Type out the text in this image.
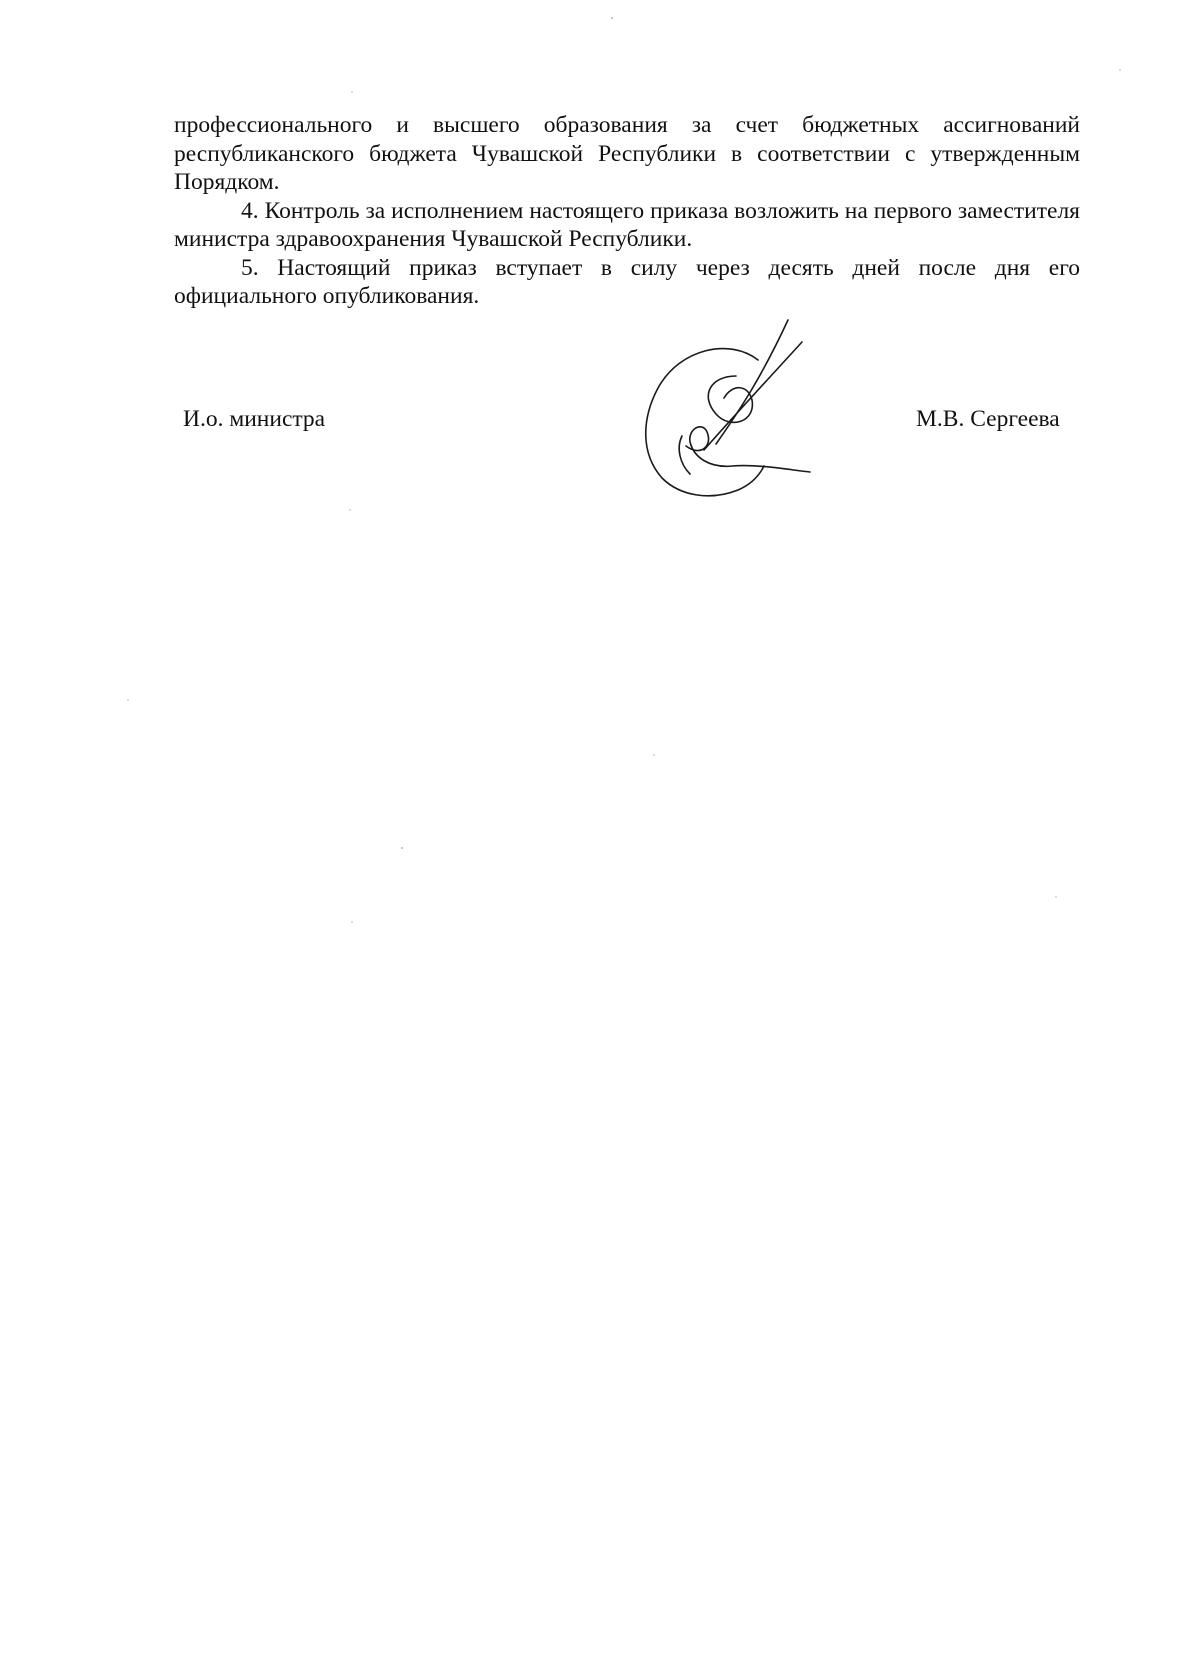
профессионального и высшего образования за счет бюджетных ассигнований республиканского бюджета Чувашской Республики в соответствии с утвержденным Порядком.

4. Контроль за исполнением настоящего приказа возложить на первого заместителя министра здравоохранения Чувашской Республики.

5. Настоящий приказ вступает в силу через десять дней после дня его официального опубликования.

И.о. министра	М.В. Сергеева
